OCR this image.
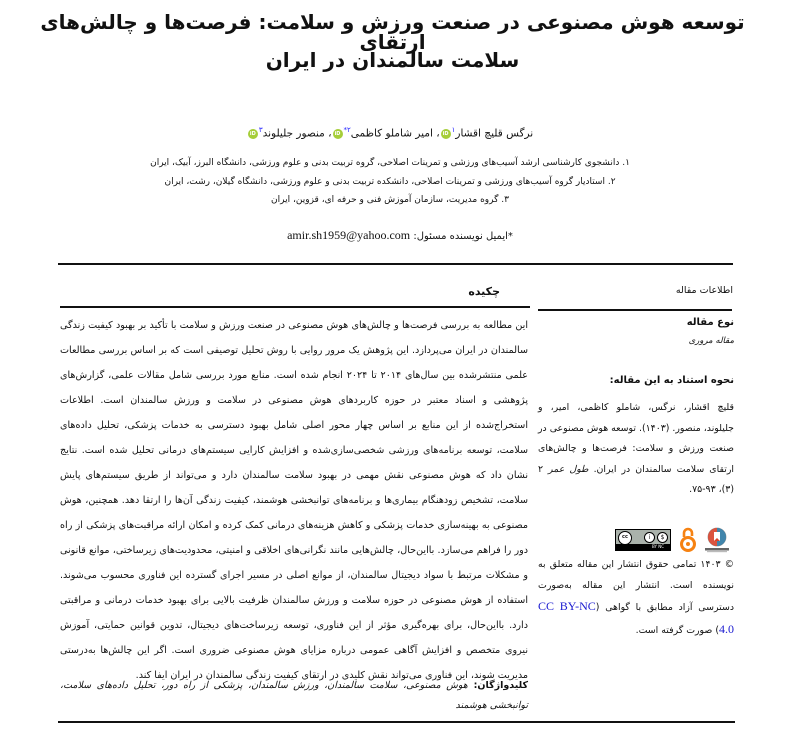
توسعه هوش مصنوعی در صنعت ورزش و سلامت: فرصت‌ها و چالش‌های ارتقای
سلامت سالمندان در ایران
نرگس قلیچ اقشار$^۱$iD، امیر شاملو کاظمی$^{۲*}$iD، منصور جلیلوند$^۳$iD
۱. دانشجوی کارشناسی ارشد آسیب‌های ورزشی و تمرینات اصلاحی، گروه تربیت بدنی و علوم ورزشی، دانشگاه البرز، آبیک، ایران
۲. استادیار گروه آسیب‌های ورزشی و تمرینات اصلاحی، دانشکده تربیت بدنی و علوم ورزشی، دانشگاه گیلان، رشت، ایران
۳. گروه مدیریت، سازمان آموزش فنی و حرفه ای، قزوین، ایران
*ایمیل نویسنده مسئول: amir.sh1959@yahoo.com
چکیده	اطلاعات مقاله
این مطالعه به بررسی فرصت‌ها و چالش‌های هوش مصنوعی در صنعت ورزش و سلامت با تأکید بر بهبود کیفیت زندگی سالمندان در ایران می‌پردازد. این پژوهش یک مرور روایی با روش تحلیل توصیفی است که بر اساس بررسی مطالعات علمی منتشرشده بین سال‌های ۲۰۱۴ تا ۲۰۲۴ انجام شده است. منابع مورد بررسی شامل مقالات علمی، گزارش‌های پژوهشی و اسناد معتبر در حوزه کاربردهای هوش مصنوعی در سلامت و ورزش سالمندان است. اطلاعات استخراج‌شده از این منابع بر اساس چهار محور اصلی شامل بهبود دسترسی به خدمات پزشکی، تحلیل داده‌های سلامت، توسعه برنامه‌های ورزشی شخصی‌سازی‌شده و افزایش کارایی سیستم‌های درمانی تحلیل شده است. نتایج نشان داد که هوش مصنوعی نقش مهمی در بهبود سلامت سالمندان دارد و می‌تواند از طریق سیستم‌های پایش سلامت، تشخیص زودهنگام بیماری‌ها و برنامه‌های توانبخشی هوشمند، کیفیت زندگی آن‌ها را ارتقا دهد. همچنین، هوش مصنوعی به بهینه‌سازی خدمات پزشکی و کاهش هزینه‌های درمانی کمک کرده و امکان ارائه مراقبت‌های پزشکی از راه دور را فراهم می‌سازد. بااین‌حال، چالش‌هایی مانند نگرانی‌های اخلاقی و امنیتی، محدودیت‌های زیرساختی، موانع قانونی و مشکلات مرتبط با سواد دیجیتال سالمندان، از موانع اصلی در مسیر اجرای گسترده این فناوری محسوب می‌شوند. استفاده از هوش مصنوعی در حوزه سلامت و ورزش سالمندان ظرفیت بالایی برای بهبود خدمات درمانی و مراقبتی دارد. بااین‌حال، برای بهره‌گیری مؤثر از این فناوری، توسعه زیرساخت‌های دیجیتال، تدوین قوانین حمایتی، آموزش نیروی متخصص و افزایش آگاهی عمومی درباره مزایای هوش مصنوعی ضروری است. اگر این چالش‌ها به‌درستی مدیریت شوند، این فناوری می‌تواند نقش کلیدی در ارتقای کیفیت زندگی سالمندان در ایران ایفا کند.
کلیدواژگان: هوش مصنوعی، سلامت سالمندان، ورزش سالمندان، پزشکی از راه دور، تحلیل داده‌های سلامت، توانبخشی هوشمند
نوع مقاله
مقاله مروری
نحوه استناد به این مقاله:
قلیچ اقشار، نرگس، شاملو کاظمی، امیر، و جلیلوند، منصور. (۱۴۰۳). توسعه هوش مصنوعی در صنعت ورزش و سلامت: فرصت‌ها و چالش‌های ارتقای سلامت سالمندان در ایران. طول عمر ۲ (۳)، ۹۳-۷۵.
cc	i	$
BY NC
© ۱۴۰۳ تمامی حقوق انتشار این مقاله متعلق به نویسنده است. انتشار این مقاله به‌صورت دسترسی آزاد مطابق با گواهی (CC BY-NC 4.0) صورت گرفته است.
